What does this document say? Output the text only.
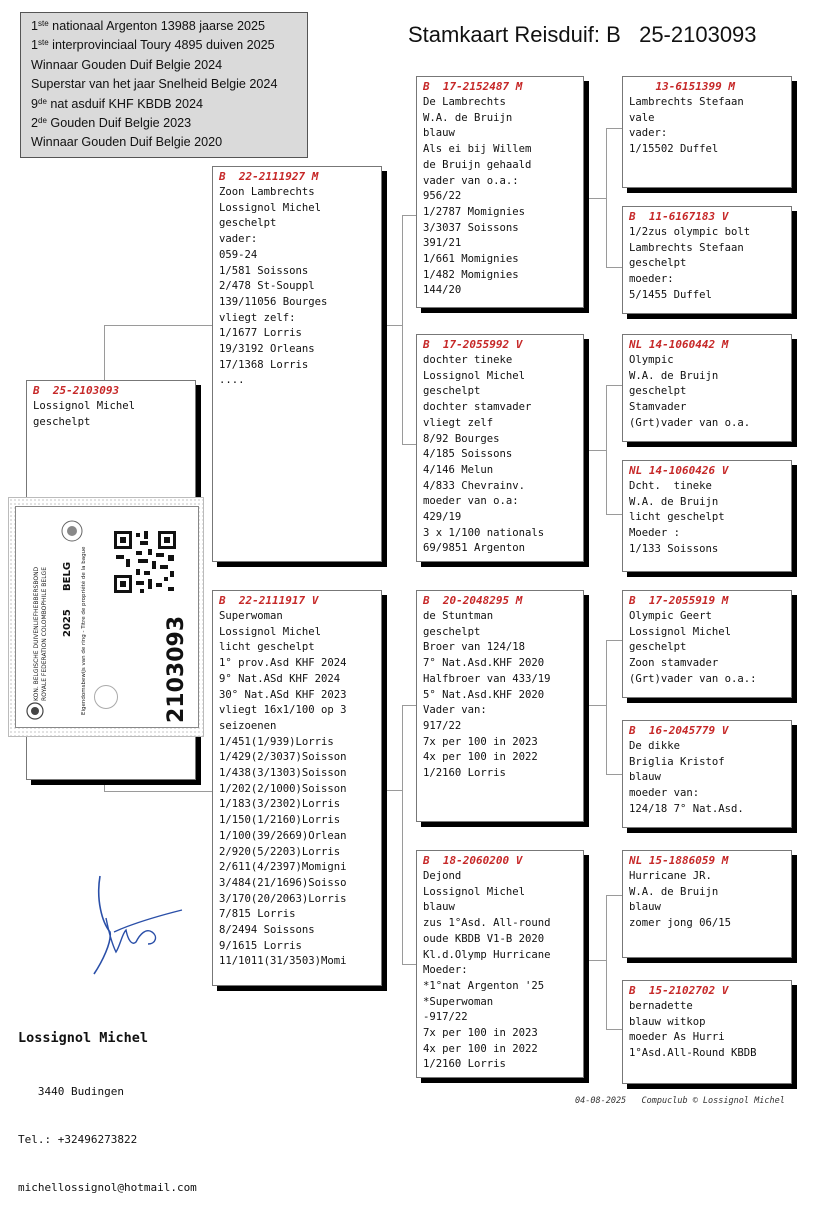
1ste nationaal Argenton 13988 jaarse 2025
1ste interprovinciaal Toury 4895 duiven 2025
Winnaar Gouden Duif Belgie 2024
Superstar van het jaar Snelheid Belgie 2024
9de nat asduif KHF KBDB 2024
2de Gouden Duif Belgie 2023
Winnaar Gouden Duif Belgie 2020
Stamkaart Reisduif: B   25-2103093
B 25-2103093
Lossignol Michel
geschelpt
B 22-2111927 M
Zoon Lambrechts
Lossignol Michel
geschelpt
vader:
059-24
1/581 Soissons
2/478 St-Souppl
139/11056 Bourges
vliegt zelf:
1/1677 Lorris
19/3192 Orleans
17/1368 Lorris
....
B 22-2111917 V
Superwoman
Lossignol Michel
licht geschelpt
1° prov.Asd KHF 2024
9° Nat.ASd KHF 2024
30° Nat.ASd KHF 2023
vliegt 16x1/100 op 3
seizoenen
1/451(1/939)Lorris
1/429(2/3037)Soisson
1/438(3/1303)Soisson
1/202(2/1000)Soisson
1/183(3/2302)Lorris
1/150(1/2160)Lorris
1/100(39/2669)Orlean
2/920(5/2203)Lorris
2/611(4/2397)Momigni
3/484(21/1696)Soisso
3/170(20/2063)Lorris
7/815 Lorris
8/2494 Soissons
9/1615 Lorris
11/1011(31/3503)Momi
B 17-2152487 M
De Lambrechts
W.A. de Bruijn
blauw
Als ei bij Willem
de Bruijn gehaald
vader van o.a.:
956/22
1/2787 Momignies
3/3037 Soissons
391/21
1/661 Momignies
1/482 Momignies
144/20
B 17-2055992 V
dochter tineke
Lossignol Michel
geschelpt
dochter stamvader
vliegt zelf
8/92 Bourges
4/185 Soissons
4/146 Melun
4/833 Chevrainv.
moeder van o.a:
429/19
3 x 1/100 nationals
69/9851 Argenton
B 20-2048295 M
de Stuntman
geschelpt
Broer van 124/18
7° Nat.Asd.KHF 2020
Halfbroer van 433/19
5° Nat.Asd.KHF 2020
Vader van:
917/22
7x per 100 in 2023
4x per 100 in 2022
1/2160 Lorris
B 18-2060200 V
Dejond
Lossignol Michel
blauw
zus 1°Asd. All-round
oude KBDB V1-B 2020
Kl.d.Olymp Hurricane
Moeder:
*1°nat Argenton '25
*Superwoman
-917/22
7x per 100 in 2023
4x per 100 in 2022
1/2160 Lorris
13-6151399 M
Lambrechts Stefaan
vale
vader:
1/15502 Duffel
B 11-6167183 V
1/2zus olympic bolt
Lambrechts Stefaan
geschelpt
moeder:
5/1455 Duffel
NL 14-1060442 M
Olympic
W.A. de Bruijn
geschelpt
Stamvader
(Grt)vader van o.a.
NL 14-1060426 V
Dcht.  tineke
W.A. de Bruijn
licht geschelpt
Moeder :
1/133 Soissons
B 17-2055919 M
Olympic Geert
Lossignol Michel
geschelpt
Zoon stamvader
(Grt)vader van o.a.:
B 16-2045779 V
De dikke
Briglia Kristof
blauw
moeder van:
124/18 7° Nat.Asd.
NL 15-1886059 M
Hurricane JR.
W.A. de Bruijn
blauw
zomer jong 06/15
B 15-2102702 V
bernadette
blauw witkop
moeder As Hurri
1°Asd.All-Round KBDB
KON. BELGISCHE DUIVENLIEFHEBBERSBOND ROYALE FEDERATION COLOMBOPHILE BELGE 2025
BELG Eigendomsbewijs van de ring - Titre de propriété de la bague	2103093

Lossignol Michel

3440 Budingen

Tel.: +32496273822

michellossignol@hotmail.com

04-08-2025   Compuclub © Lossignol Michel
